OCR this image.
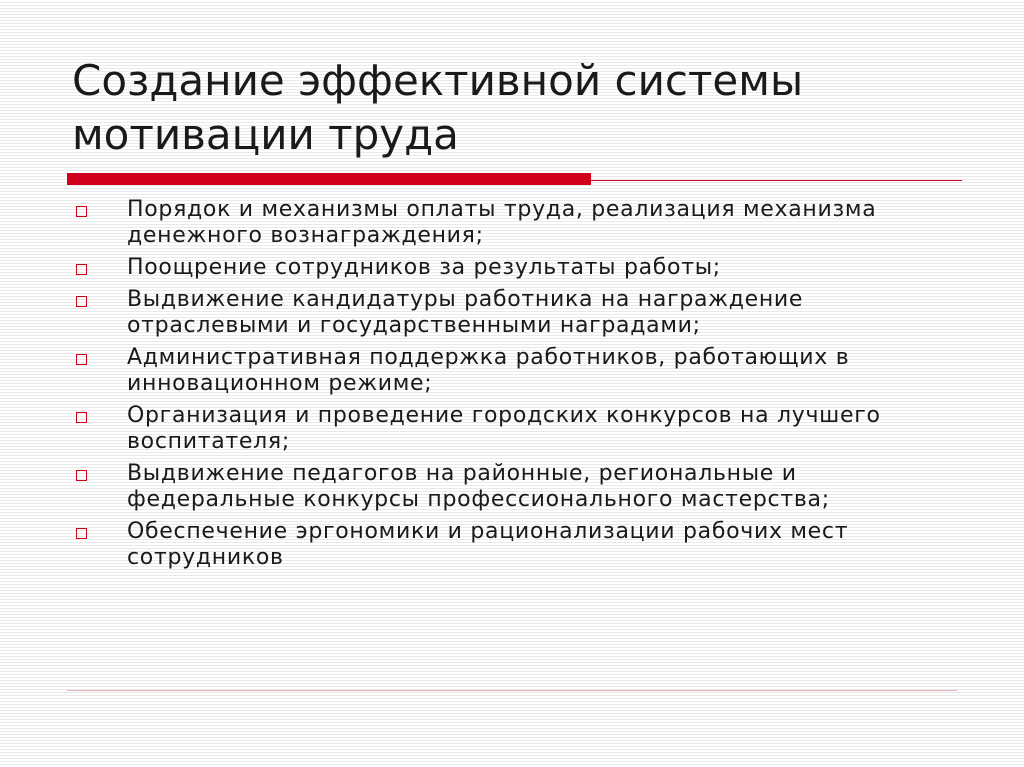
Создание эффективной системы мотивации труда
Порядок и механизмы оплаты труда, реализация механизма денежного вознаграждения;
Поощрение сотрудников за результаты работы;
Выдвижение кандидатуры работника на награждение отраслевыми и государственными наградами;
Административная поддержка работников, работающих в инновационном режиме;
Организация и проведение городских конкурсов на лучшего воспитателя;
Выдвижение педагогов на районные, региональные и федеральные конкурсы профессионального мастерства;
Обеспечение эргономики и рационализации рабочих мест сотрудников
